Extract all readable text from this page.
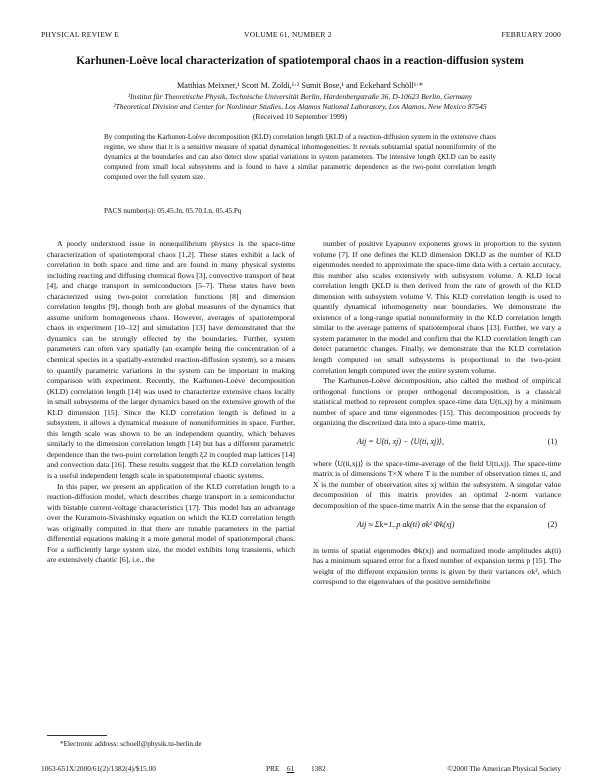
PHYSICAL REVIEW E	VOLUME 61, NUMBER 2	FEBRUARY 2000
Karhunen-Loève local characterization of spatiotemporal chaos in a reaction-diffusion system
Matthias Meixner,¹ Scott M. Zoldi,¹·² Sumit Bose,¹ and Eckehard Schöll¹·*
¹Institut für Theoretische Physik, Technische Universität Berlin, Hardenbergstraße 36, D-10623 Berlin, Germany
²Theoretical Division and Center for Nonlinear Studies, Los Alamos National Laboratory, Los Alamos, New Mexico 87545
(Received 10 September 1999)
By computing the Karhunen-Loève decomposition (KLD) correlation length ξKLD of a reaction-diffusion system in the extensive chaos regime, we show that it is a sensitive measure of spatial dynamical inhomogeneities. It reveals substantial spatial nonuniformity of the dynamics at the boundaries and can also detect slow spatial variations in system parameters. The intensive length ξKLD can be easily computed from small local subsystems and is found to have a similar parametric dependence as the two-point correlation length computed over the full system size.
PACS number(s): 05.45.Jn, 05.70.Ln, 05.45.Pq

A poorly understood issue in nonequilibrium physics is the space-time characterization of spatiotemporal chaos [1,2]. These states exhibit a lack of correlation in both space and time and are found in many physical systems including reacting and diffusing chemical flows [3], convective transport of heat [4], and charge transport in semiconductors [5–7]. These states have been characterized using two-point correlation functions [8] and dimension correlation lengths [9], though both are global measures of the dynamics that assume uniform homogeneous chaos. However, averages of spatiotemporal chaos in experiment [10–12] and simulation [13] have demonstrated that the dynamics can be strongly effected by the boundaries. Further, system parameters can often vary spatially (an example being the concentration of a chemical species in a spatially-extended reaction-diffusion system), so a means to quantify parametric variations in the system can be important in making comparison with experiment. Recently, the Karhunen-Loève decomposition (KLD) correlation length [14] was used to characterize extensive chaos locally in small subsystems of the larger dynamics based on the extensive growth of the KLD dimension [15]. Since the KLD correlation length is defined in a subsystem, it allows a dynamical measure of nonuniformities in space. Further, this length scale was shown to be an independent quantity, which behaves similarly to the dimension correlation length [14] but has a different parametric dependence than the two-point correlation length ξ2 in coupled map lattices [14] and convection data [16]. These results suggest that the KLD correlation length is a useful independent length scale in spatiotemporal chaotic systems.

In this paper, we present an application of the KLD correlation length to a reaction-diffusion model, which describes charge transport in a semiconductor with bistable current-voltage characteristics [17]. This model has an advantage over the Kuramoto-Sivashinsky equation on which the KLD correlation length was originally computed in that there are tunable parameters in the partial differential equations making it a more general model of spatiotemporal chaos. For a sufficiently large system size, the model exhibits long transients, which are extensively chaotic [6], i.e., the

number of positive Lyapunov exponents grows in proportion to the system volume [7]. If one defines the KLD dimension DKLD as the number of KLD eigenmodes needed to approximate the space-time data with a certain accuracy, this number also scales extensively with subsystem volume. A KLD local correlation length ξKLD is then derived from the rate of growth of the KLD dimension with subsystem volume V. This KLD correlation length is used to quantify dynamical inhomogeneity near boundaries. We demonstrate the existence of a long-range spatial nonuniformity in the KLD correlation length similar to the average patterns of spatiotemporal chaos [13]. Further, we vary a system parameter in the model and confirm that the KLD correlation length can detect parametric changes. Finally, we demonstrate that the KLD correlation length computed on small subsystems is proportional to the two-point correlation length computed over the entire system volume.

The Karhunen-Loève decomposition, also called the method of empirical orthogonal functions or proper orthogonal decomposition, is a classical statistical method to represent complex space-time data U(ti,xj) by a minimum number of space and time eigenmodes [15]. This decomposition proceeds by organizing the discretized data into a space-time matrix,

Aij = U(ti, xj) − ⟨U(ti, xj)⟩,	(1)

where ⟨U(ti,xj)⟩ is the space-time-average of the field U(ti,xj). The space-time matrix is of dimensions T×X where T is the number of observation times ti, and X is the number of observation sites xj within the subsystem. A singular value decomposition of this matrix provides an optimal 2-norm variance decomposition of the space-time matrix A in the sense that the expansion of

Aij ≈ Σk=1..p ak(ti) σk² Φk(xj)	(2)

in terms of spatial eigenmodes Φk(xj) and normalized mode amplitudes ak(ti) has a minimum squared error for a fixed number of expansion terms p [15]. The weight of the different expansion terms is given by their variances σk², which correspond to the eigenvalues of the positive semidefinite

*Electronic address: schoell@physik.tu-berlin.de
1063-651X/2000/61(2)/1382(4)/$15.00	PRE 61 1382	©2000 The American Physical Society
